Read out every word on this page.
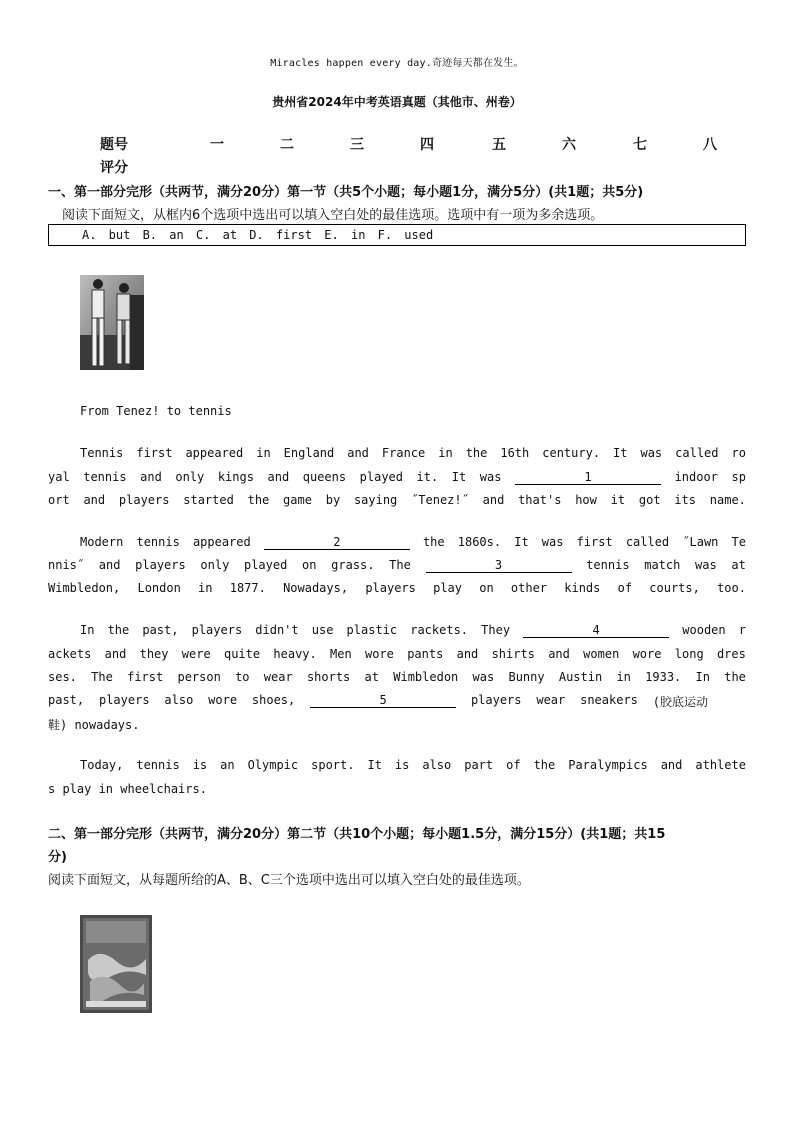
Miracles happen every day.奇迹每天都在发生。
贵州省2024年中考英语真题（其他市、州卷）
题号	一	二	三	四	五	六	七	八
评分
一、第一部分完形（共两节，满分20分）第一节（共5个小题；每小题1分，满分5分）(共1题；共5分)
阅读下面短文，从框内6个选项中选出可以填入空白处的最佳选项。选项中有一项为多余选项。
A. but B. an C. at D. first E. in F. used
From Tenez! to tennis
Tennis first appeared in England and France in the 16th century. It was called ro
yal tennis and only kings and queens played it. It was	1	indoor sp
ort and players started the game by saying ˝Tenez!˝ and that's how it got its name.
Modern tennis appeared	2	the 1860s. It was first called ˝Lawn Te
nnis˝ and players only played on grass. The	3	tennis match was at
Wimbledon, London in 1877. Nowadays, players play on other kinds of courts, too.
In the past, players didn't use plastic rackets. They	4	wooden r
ackets and they were quite heavy. Men wore pants and shirts and women wore long dres
ses. The first person to wear shorts at Wimbledon was Bunny Austin in 1933. In the
past, players also wore shoes,	5	players wear sneakers (胶底运动
鞋) nowadays.
Today, tennis is an Olympic sport. It is also part of the Paralympics and athlete
s play in wheelchairs.
二、第一部分完形（共两节，满分20分）第二节（共10个小题；每小题1.5分，满分15分）(共1题；共15
分)
阅读下面短文，从每题所给的A、B、C三个选项中选出可以填入空白处的最佳选项。
